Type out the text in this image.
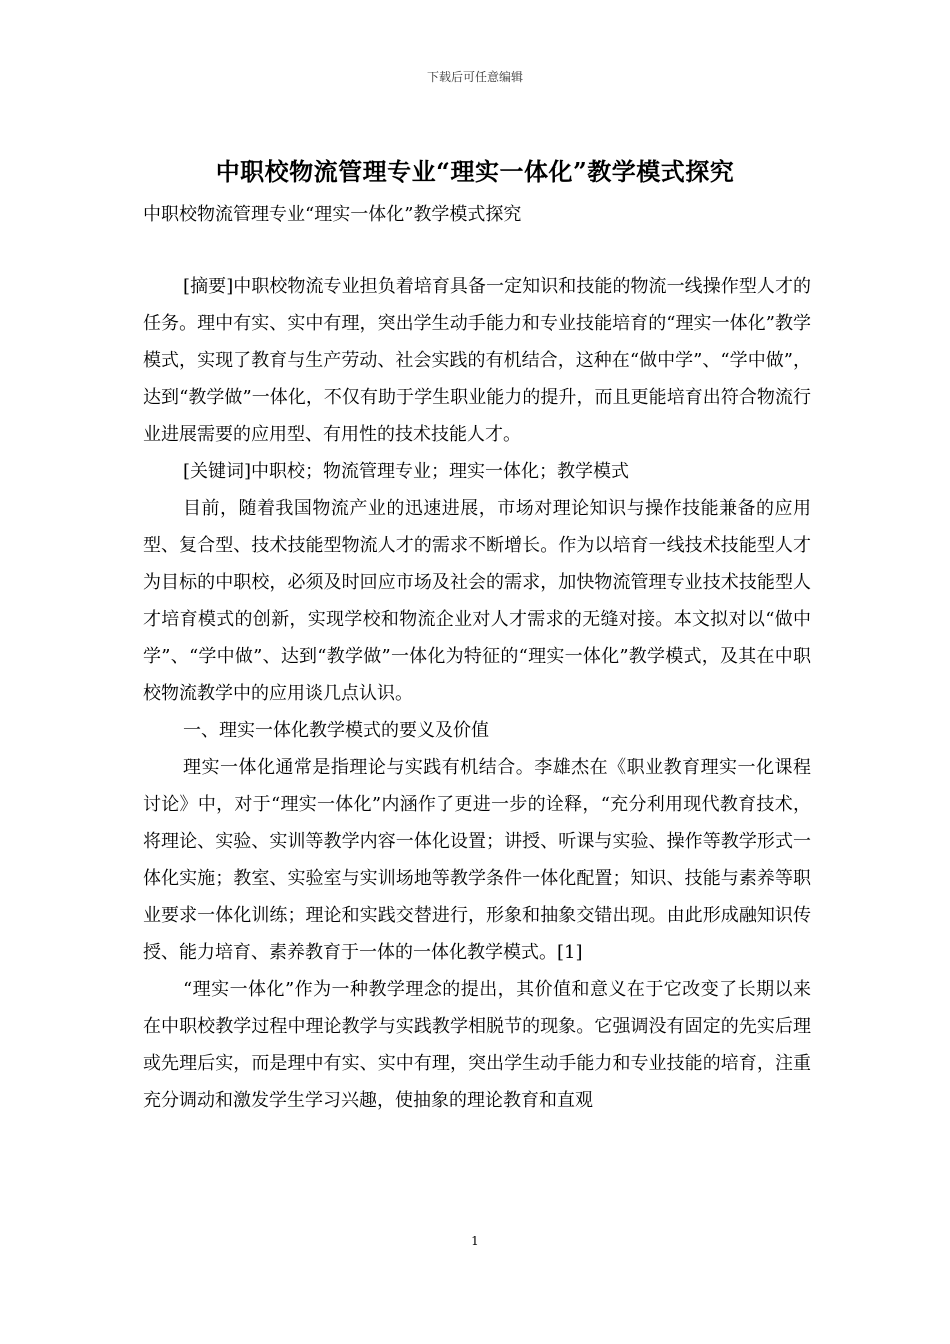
下载后可任意编辑
中职校物流管理专业“理实一体化”教学模式探究
中职校物流管理专业“理实一体化”教学模式探究

[摘要]中职校物流专业担负着培育具备一定知识和技能的物流一线操作型人才的任务。理中有实、实中有理，突出学生动手能力和专业技能培育的“理实一体化”教学模式，实现了教育与生产劳动、社会实践的有机结合，这种在“做中学”、“学中做”，达到“教学做”一体化，不仅有助于学生职业能力的提升，而且更能培育出符合物流行业进展需要的应用型、有用性的技术技能人才。

[关键词]中职校；物流管理专业；理实一体化；教学模式

目前，随着我国物流产业的迅速进展，市场对理论知识与操作技能兼备的应用型、复合型、技术技能型物流人才的需求不断增长。作为以培育一线技术技能型人才为目标的中职校，必须及时回应市场及社会的需求，加快物流管理专业技术技能型人才培育模式的创新，实现学校和物流企业对人才需求的无缝对接。本文拟对以“做中学”、“学中做”、达到“教学做”一体化为特征的“理实一体化”教学模式，及其在中职校物流教学中的应用谈几点认识。

一、理实一体化教学模式的要义及价值

理实一体化通常是指理论与实践有机结合。李雄杰在《职业教育理实一化课程讨论》中，对于“理实一体化”内涵作了更进一步的诠释，“充分利用现代教育技术，将理论、实验、实训等教学内容一体化设置；讲授、听课与实验、操作等教学形式一体化实施；教室、实验室与实训场地等教学条件一体化配置；知识、技能与素养等职业要求一体化训练；理论和实践交替进行，形象和抽象交错出现。由此形成融知识传授、能力培育、素养教育于一体的一体化教学模式。[1]

“理实一体化”作为一种教学理念的提出，其价值和意义在于它改变了长期以来在中职校教学过程中理论教学与实践教学相脱节的现象。它强调没有固定的先实后理或先理后实，而是理中有实、实中有理，突出学生动手能力和专业技能的培育，注重充分调动和激发学生学习兴趣，使抽象的理论教育和直观

1
